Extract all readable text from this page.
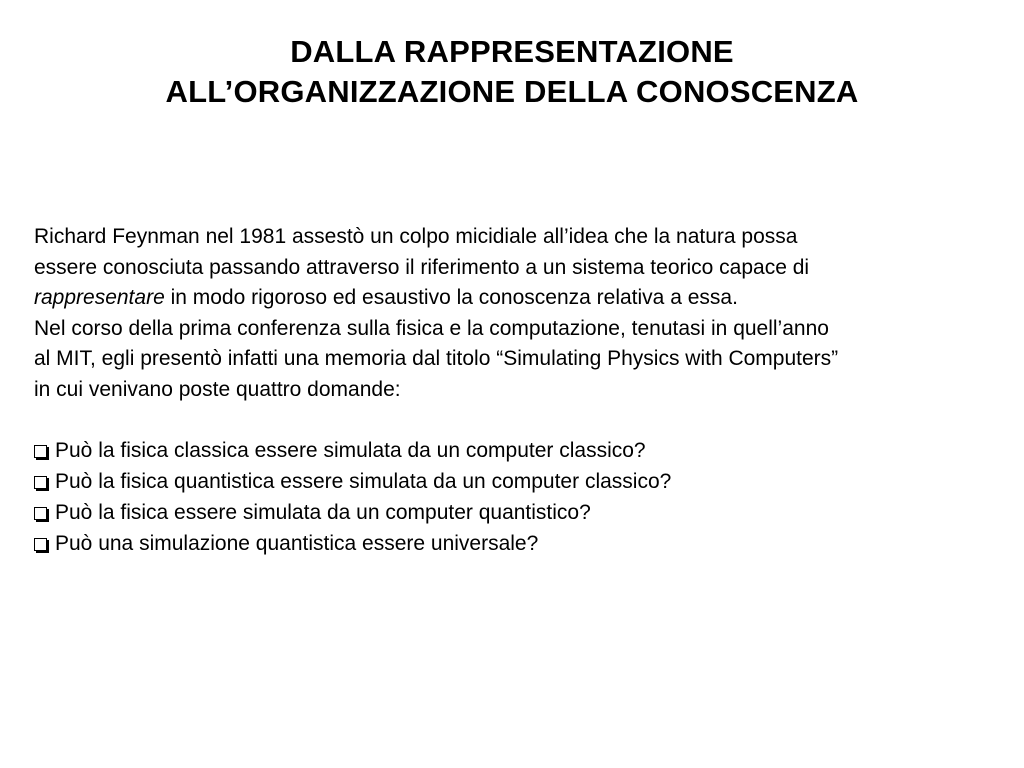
DALLA RAPPRESENTAZIONE
ALL’ORGANIZZAZIONE DELLA CONOSCENZA
Richard Feynman nel 1981 assestò un colpo micidiale all’idea che la natura possa
essere conosciuta passando attraverso il riferimento a un sistema teorico capace di
rappresentare in modo rigoroso ed esaustivo la conoscenza relativa a essa.
Nel corso della prima conferenza sulla fisica e la computazione, tenutasi in quell’anno
al MIT, egli presentò infatti una memoria dal titolo “Simulating Physics with Computers”
in cui venivano poste quattro domande:
Può la fisica classica essere simulata da un computer classico?
Può la fisica quantistica essere simulata da un computer classico?
Può la fisica essere simulata da un computer quantistico?
Può una simulazione quantistica essere universale?
